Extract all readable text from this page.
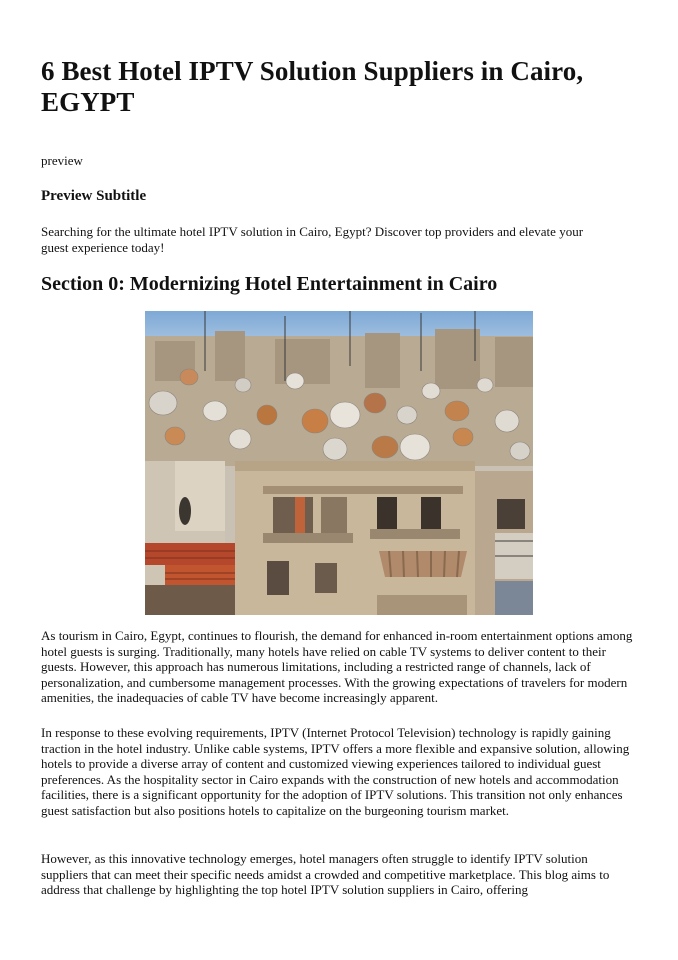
6 Best Hotel IPTV Solution Suppliers in Cairo, EGYPT

preview

Preview Subtitle

Searching for the ultimate hotel IPTV solution in Cairo, Egypt? Discover top providers and elevate your guest experience today!

Section 0: Modernizing Hotel Entertainment in Cairo

As tourism in Cairo, Egypt, continues to flourish, the demand for enhanced in-room entertainment options among hotel guests is surging. Traditionally, many hotels have relied on cable TV systems to deliver content to their guests. However, this approach has numerous limitations, including a restricted range of channels, lack of personalization, and cumbersome management processes. With the growing expectations of travelers for modern amenities, the inadequacies of cable TV have become increasingly apparent.

In response to these evolving requirements, IPTV (Internet Protocol Television) technology is rapidly gaining traction in the hotel industry. Unlike cable systems, IPTV offers a more flexible and expansive solution, allowing hotels to provide a diverse array of content and customized viewing experiences tailored to individual guest preferences. As the hospitality sector in Cairo expands with the construction of new hotels and accommodation facilities, there is a significant opportunity for the adoption of IPTV solutions. This transition not only enhances guest satisfaction but also positions hotels to capitalize on the burgeoning tourism market.

However, as this innovative technology emerges, hotel managers often struggle to identify IPTV solution suppliers that can meet their specific needs amidst a crowded and competitive marketplace. This blog aims to address that challenge by highlighting the top hotel IPTV solution suppliers in Cairo, offering
